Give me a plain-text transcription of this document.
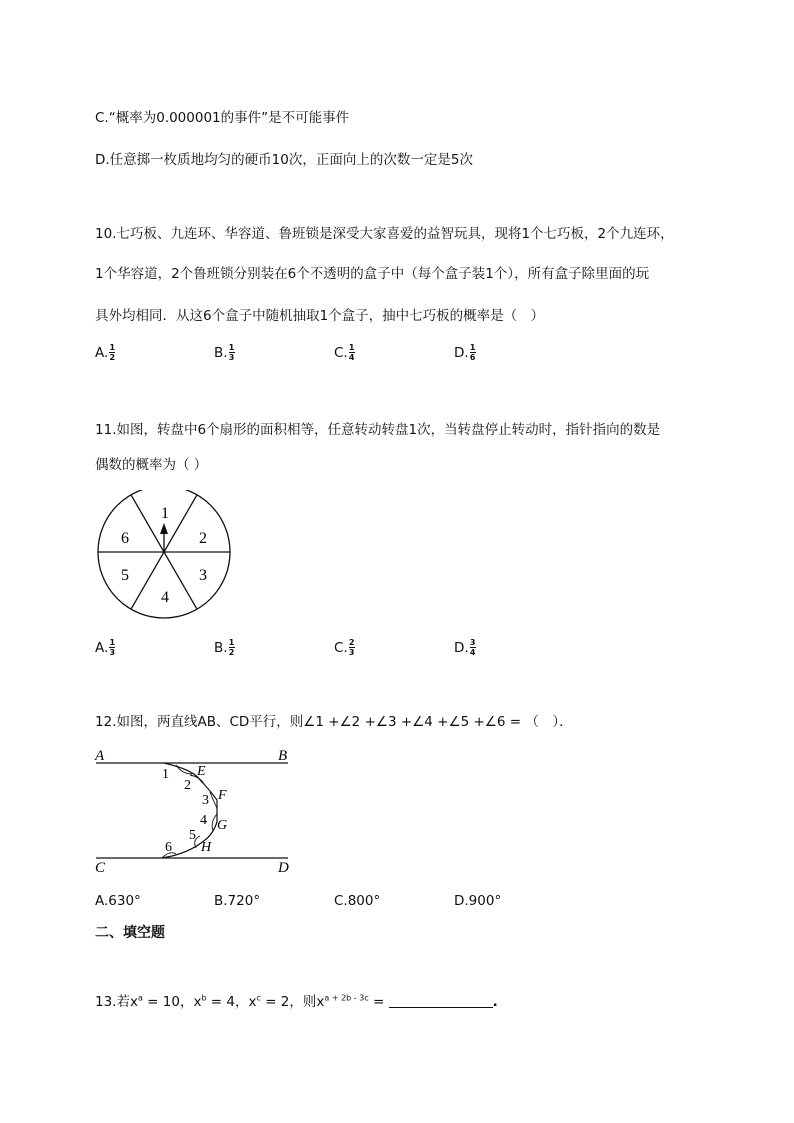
C.“概率为0.000001的事件”是不可能事件
D.任意掷一枚质地均匀的硬币10次，正面向上的次数一定是5次
10.七巧板、九连环、华容道、鲁班锁是深受大家喜爱的益智玩具，现将1个七巧板，2个九连环，
1个华容道，2个鲁班锁分别装在6个不透明的盒子中（每个盒子装1个），所有盒子除里面的玩
具外均相同．从这6个盒子中随机抽取1个盒子，抽中七巧板的概率是（　）
A. $\frac{1}{2}$	B. $\frac{1}{3}$	C. $\frac{1}{4}$	D. $\frac{1}{6}$
11.如图，转盘中6个扇形的面积相等，任意转动转盘1次，当转盘停止转动时，指针指向的数是
偶数的概率为（ ）
1
2
3
4
5
6
A. $\frac{1}{3}$	B. $\frac{1}{2}$	C. $\frac{2}{3}$	D. $\frac{3}{4}$
12.如图，两直线AB、CD平行，则∠1 +∠2 +∠3 +∠4 +∠5 +∠6 = （　）．
A	B
C	D
E
F
G
H
1
2
3
4
5
6
A.630°	B.720°	C.800°	D.900°
二、填空题
13.若$x^a = 10$，$x^b = 4$，$x^c = 2$，则$x^{a + 2b - 3c}$ =	.
